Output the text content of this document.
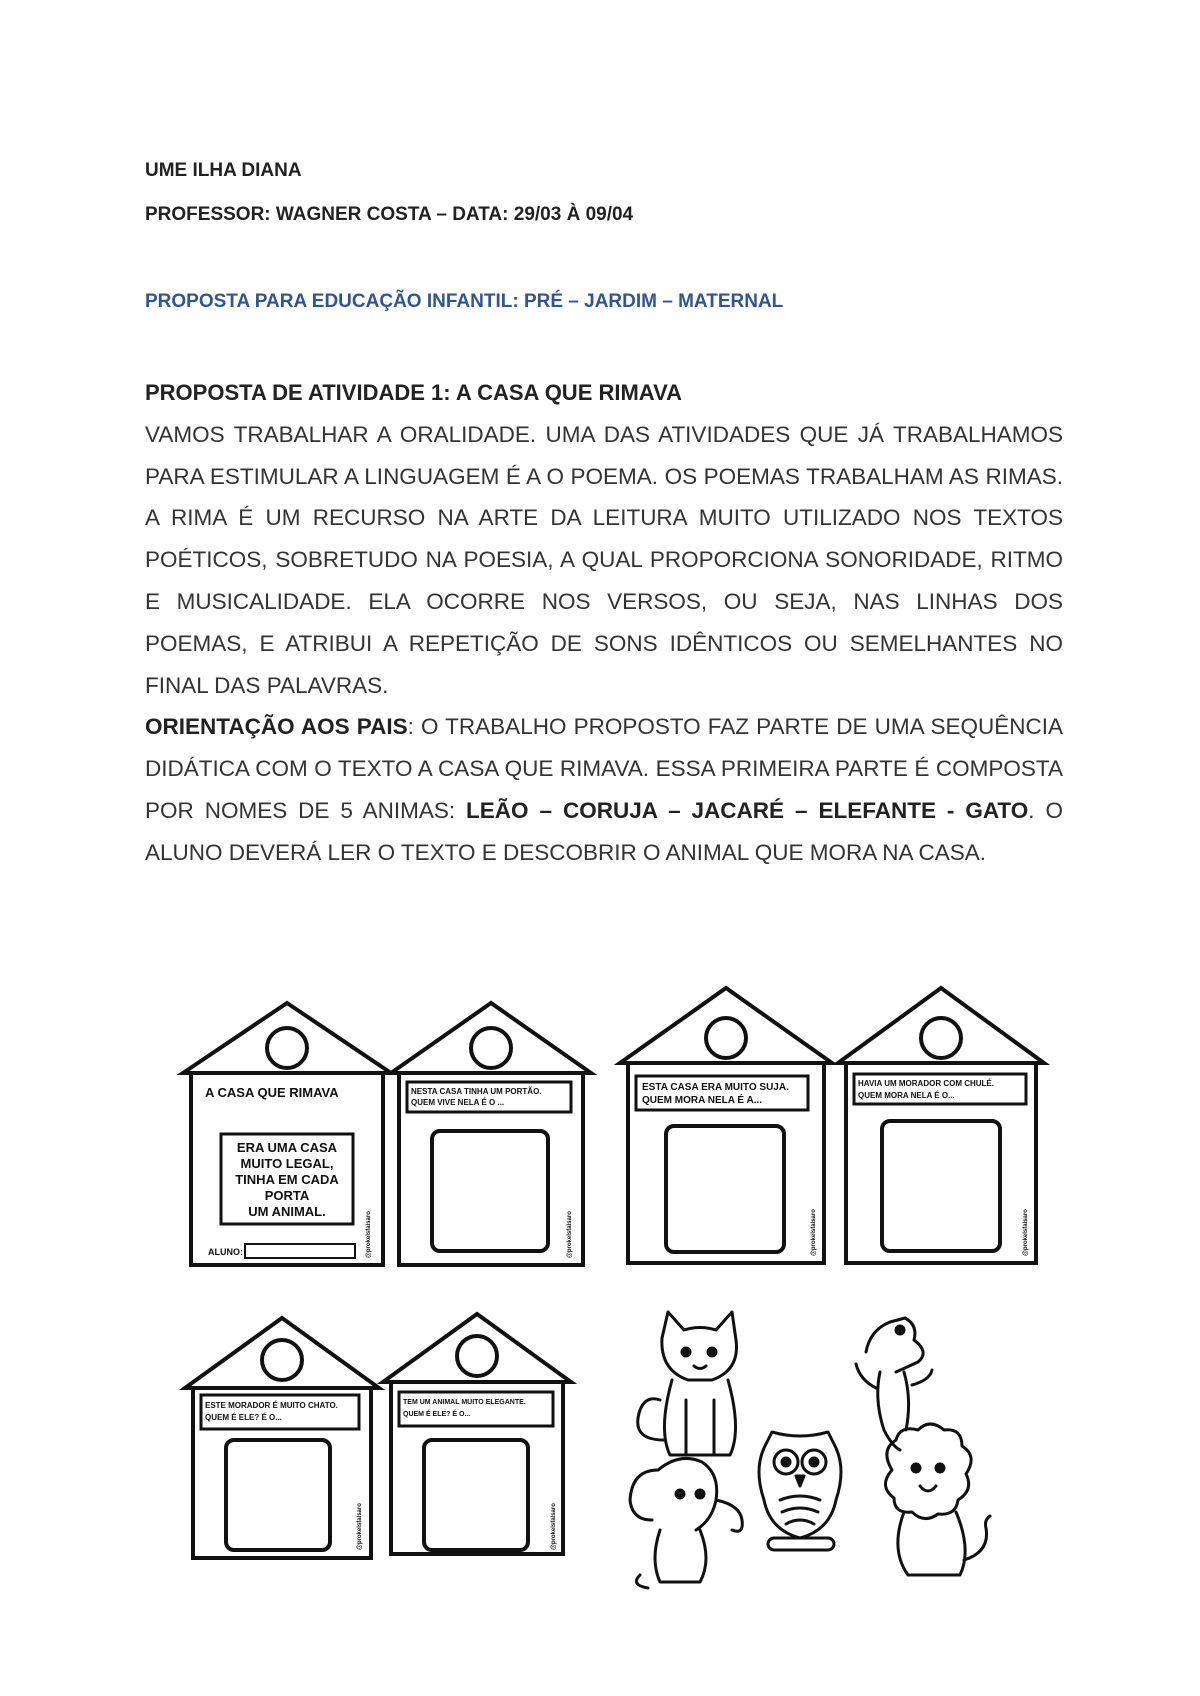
UME ILHA DIANA
PROFESSOR: WAGNER COSTA – DATA: 29/03 À 09/04
PROPOSTA PARA EDUCAÇÃO INFANTIL: PRÉ – JARDIM – MATERNAL

PROPOSTA DE ATIVIDADE 1: A CASA QUE RIMAVA

VAMOS TRABALHAR A ORALIDADE. UMA DAS ATIVIDADES QUE JÁ TRABALHAMOS PARA ESTIMULAR A LINGUAGEM É A O POEMA. OS POEMAS TRABALHAM AS RIMAS. A RIMA É UM RECURSO NA ARTE DA LEITURA MUITO UTILIZADO NOS TEXTOS POÉTICOS, SOBRETUDO NA POESIA, A QUAL PROPORCIONA SONORIDADE, RITMO E MUSICALIDADE. ELA OCORRE NOS VERSOS, OU SEJA, NAS LINHAS DOS POEMAS, E ATRIBUI A REPETIÇÃO DE SONS IDÊNTICOS OU SEMELHANTES NO FINAL DAS PALAVRAS.

ORIENTAÇÃO AOS PAIS: O TRABALHO PROPOSTO FAZ PARTE DE UMA SEQUÊNCIA DIDÁTICA COM O TEXTO A CASA QUE RIMAVA. ESSA PRIMEIRA PARTE É COMPOSTA POR NOMES DE 5 ANIMAS: LEÃO – CORUJA – JACARÉ – ELEFANTE - GATO. O ALUNO DEVERÁ LER O TEXTO E DESCOBRIR O ANIMAL QUE MORA NA CASA.

A CASA QUE RIMAVA
ERA UMA CASA
MUITO LEGAL,
TINHA EM CADA
PORTA
UM ANIMAL.
ALUNO:
NESTA CASA TINHA UM PORTÃO.
QUEM VIVE NELA É O ...
ESTA CASA ERA MUITO SUJA.
QUEM MORA NELA É A...
HAVIA UM MORADOR COM CHULÉ.
QUEM MORA NELA É O...
ESTE MORADOR É MUITO CHATO.
QUEM É ELE? É O...
TEM UM ANIMAL MUITO ELEGANTE.
QUEM É ELE? É O...
@prokelsfalsaro	@prokelsfalsaro	@prokelsfalsaro	@prokelsfalsaro
@prokelsfalsaro	@prokelsfalsaro
